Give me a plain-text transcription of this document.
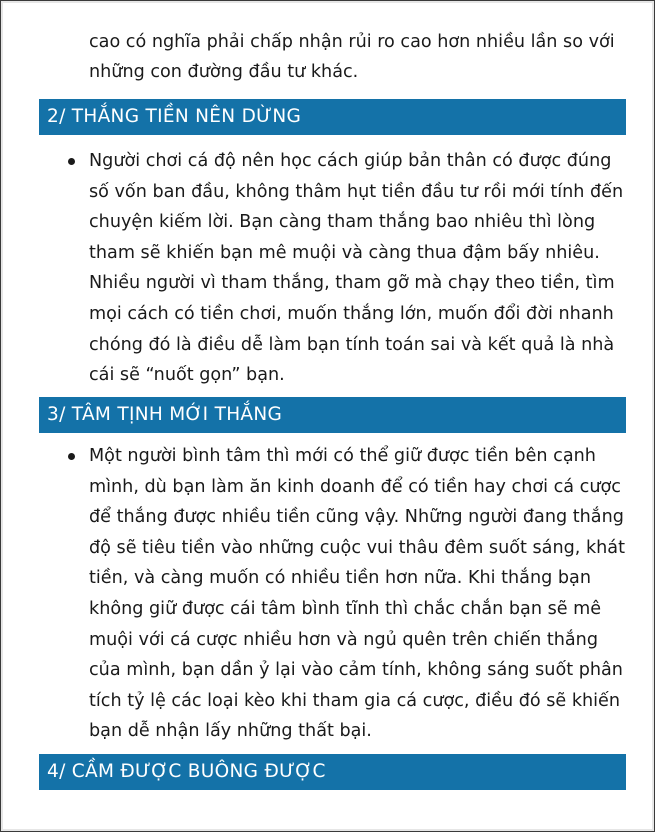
cao có nghĩa phải chấp nhận rủi ro cao hơn nhiều lần so với những con đường đầu tư khác.

2/ THẮNG TIỀN NÊN DỪNG
Người chơi cá độ nên học cách giúp bản thân có được đúng số vốn ban đầu, không thâm hụt tiền đầu tư rồi mới tính đến chuyện kiếm lời. Bạn càng tham thắng bao nhiêu thì lòng tham sẽ khiến bạn mê muội và càng thua đậm bấy nhiêu. Nhiều người vì tham thắng, tham gỡ mà chạy theo tiền, tìm mọi cách có tiền chơi, muốn thắng lớn, muốn đổi đời nhanh chóng đó là điều dễ làm bạn tính toán sai và kết quả là nhà cái sẽ “nuốt gọn” bạn.
3/ TÂM TỊNH MỚI THẮNG
Một người bình tâm thì mới có thể giữ được tiền bên cạnh mình, dù bạn làm ăn kinh doanh để có tiền hay chơi cá cược để thắng được nhiều tiền cũng vậy. Những người đang thắng độ sẽ tiêu tiền vào những cuộc vui thâu đêm suốt sáng, khát tiền, và càng muốn có nhiều tiền hơn nữa. Khi thắng bạn không giữ được cái tâm bình tĩnh thì chắc chắn bạn sẽ mê muội với cá cược nhiều hơn và ngủ quên trên chiến thắng của mình, bạn dần ỷ lại vào cảm tính, không sáng suốt phân tích tỷ lệ các loại kèo khi tham gia cá cược, điều đó sẽ khiến bạn dễ nhận lấy những thất bại.
4/ CẦM ĐƯỢC BUÔNG ĐƯỢC
